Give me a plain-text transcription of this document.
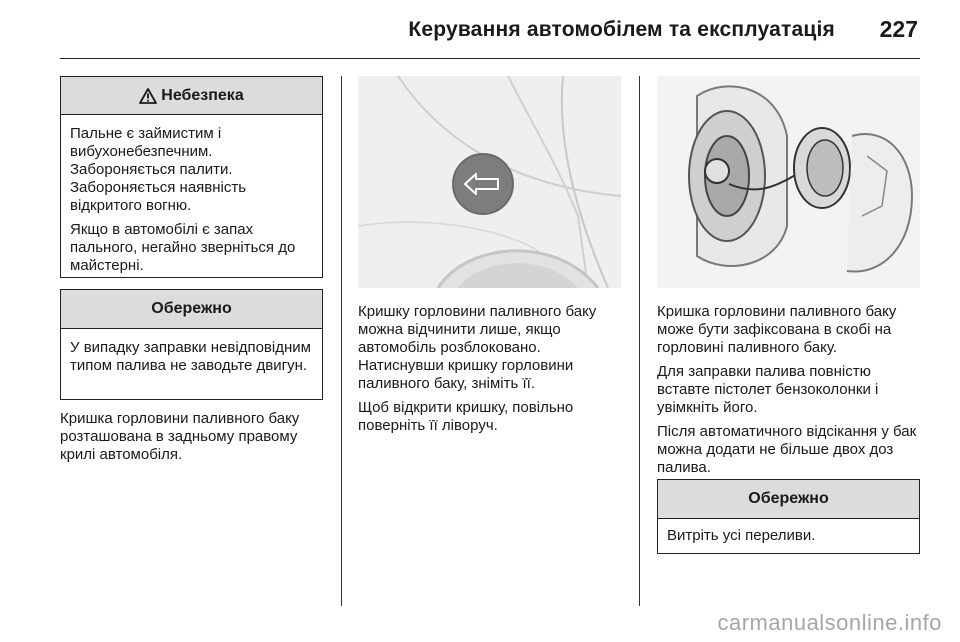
Керування автомобілем та експлуатація 227
Небезпека

Пальне є займистим і вибухонебезпечним. Забороняється палити. Забороняється наявність відкритого вогню.

Якщо в автомобілі є запах пального, негайно зверніться до майстерні.

Обережно

У випадку заправки невідповідним типом палива не заводьте двигун.

Кришка горловини паливного баку розташована в задньому правому крилі автомобіля.

Кришку горловини паливного баку можна відчинити лише, якщо автомобіль розблоковано. Натиснувши кришку горловини паливного баку, зніміть її.

Щоб відкрити кришку, повільно поверніть її ліворуч.

Кришка горловини паливного баку може бути зафіксована в скобі на горловині паливного баку.

Для заправки палива повністю вставте пістолет бензоколонки і увімкніть його.

Після автоматичного відсікання у бак можна додати не більше двох доз палива.

Обережно

Витріть усі переливи.

carmanualsonline.info
